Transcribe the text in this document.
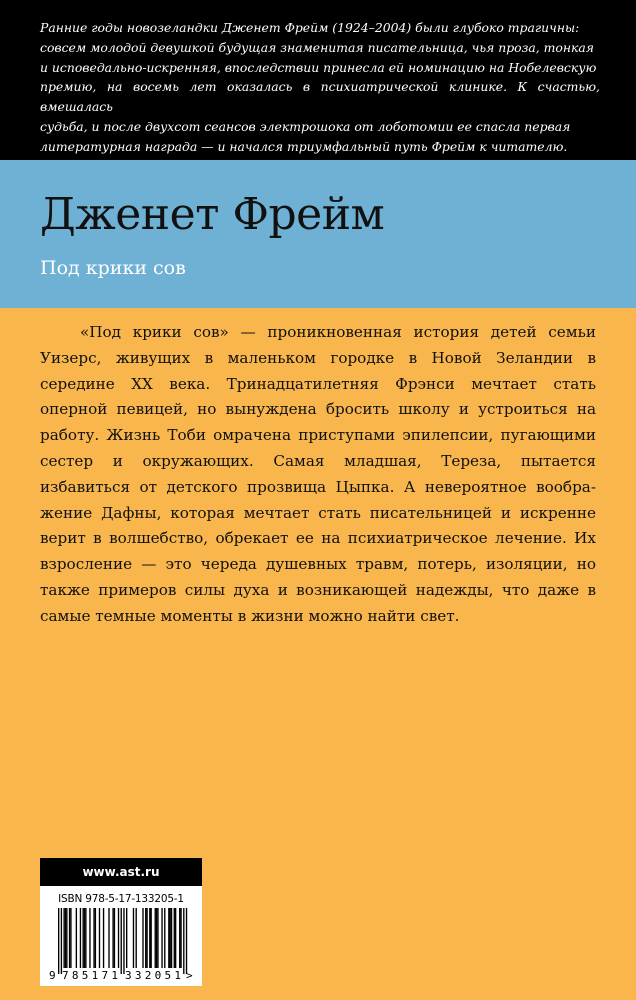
Ранние годы новозеландки Дженет Фрейм (1924–2004) были глубоко трагичны:
совсем молодой девушкой будущая знаменитая писательница, чья проза, тонкая
и исповедально-искренняя, впоследствии принесла ей номинацию на Нобелевскую
премию, на восемь лет оказалась в психиатрической клинике. К счастью, вмешалась
судьба, и после двухсот сеансов электрошока от лоботомии ее спасла первая
литературная награда — и начался триумфальный путь Фрейм к читателю.
Дженет Фрейм
Под крики сов

«Под крики сов» — проникновенная история детей семьи Уизерс, живущих в маленьком городке в Новой Зеландии в середине XX века. Тринадцатилетняя Фрэнси мечтает стать оперной певицей, но вынуждена бросить школу и устроиться на работу. Жизнь Тоби омрачена приступами эпилепсии, пугающими сестер и окружающих. Самая младшая, Тереза, пытается избавиться от детского прозвища Цыпка. А невероятное воображение Дафны, которая мечтает стать писательницей и искренне верит в волшебство, обрекает ее на психиатрическое лечение. Их взросление — это череда душевных травм, потерь, изоляции, но также примеров силы духа и возникающей надежды, что даже в самые темные моменты в жизни можно найти свет.

www.ast.ru
ISBN 978-5-17-133205-1
9 785171 332051 >
